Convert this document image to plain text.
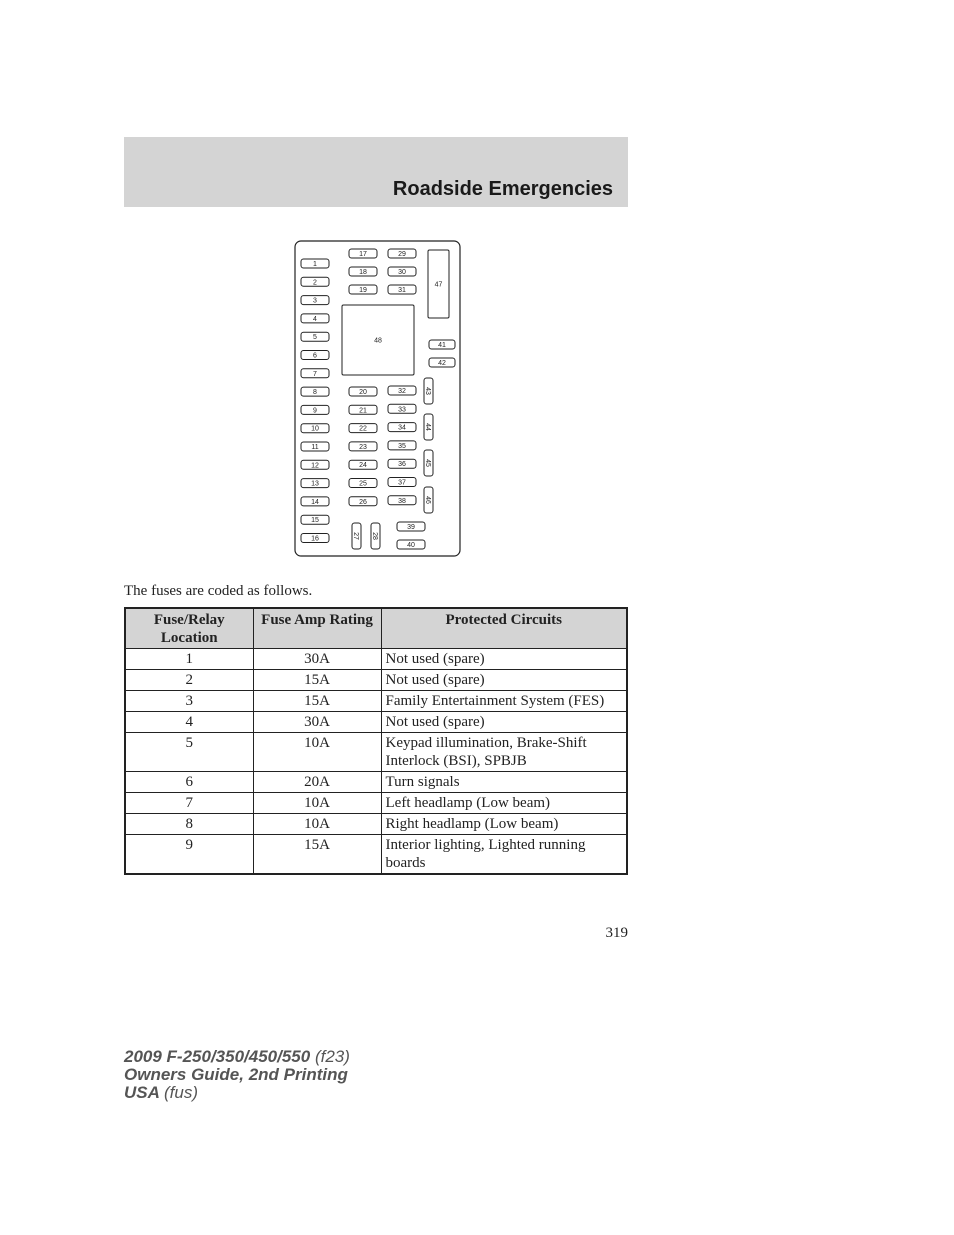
Roadside Emergencies
1
2
3
4
5
6
7
8
9
10
11
12
13
14
15
16
17
18
19
20
21
22
23
24
25
26
27 28
29
30
31
32
33
34
35
36
37
38
39
40
41
42
43
44
45
46
47
48
The fuses are coded as follows.
Fuse/Relay Location	Fuse Amp Rating	Protected Circuits
1	30A	Not used (spare)
2	15A	Not used (spare)
3	15A	Family Entertainment System (FES)
4	30A	Not used (spare)
5	10A	Keypad illumination, Brake-Shift Interlock (BSI), SPBJB
6	20A	Turn signals
7	10A	Left headlamp (Low beam)
8	10A	Right headlamp (Low beam)
9	15A	Interior lighting, Lighted running boards
319
2009 F-250/350/450/550 (f23)
Owners Guide, 2nd Printing
USA (fus)
